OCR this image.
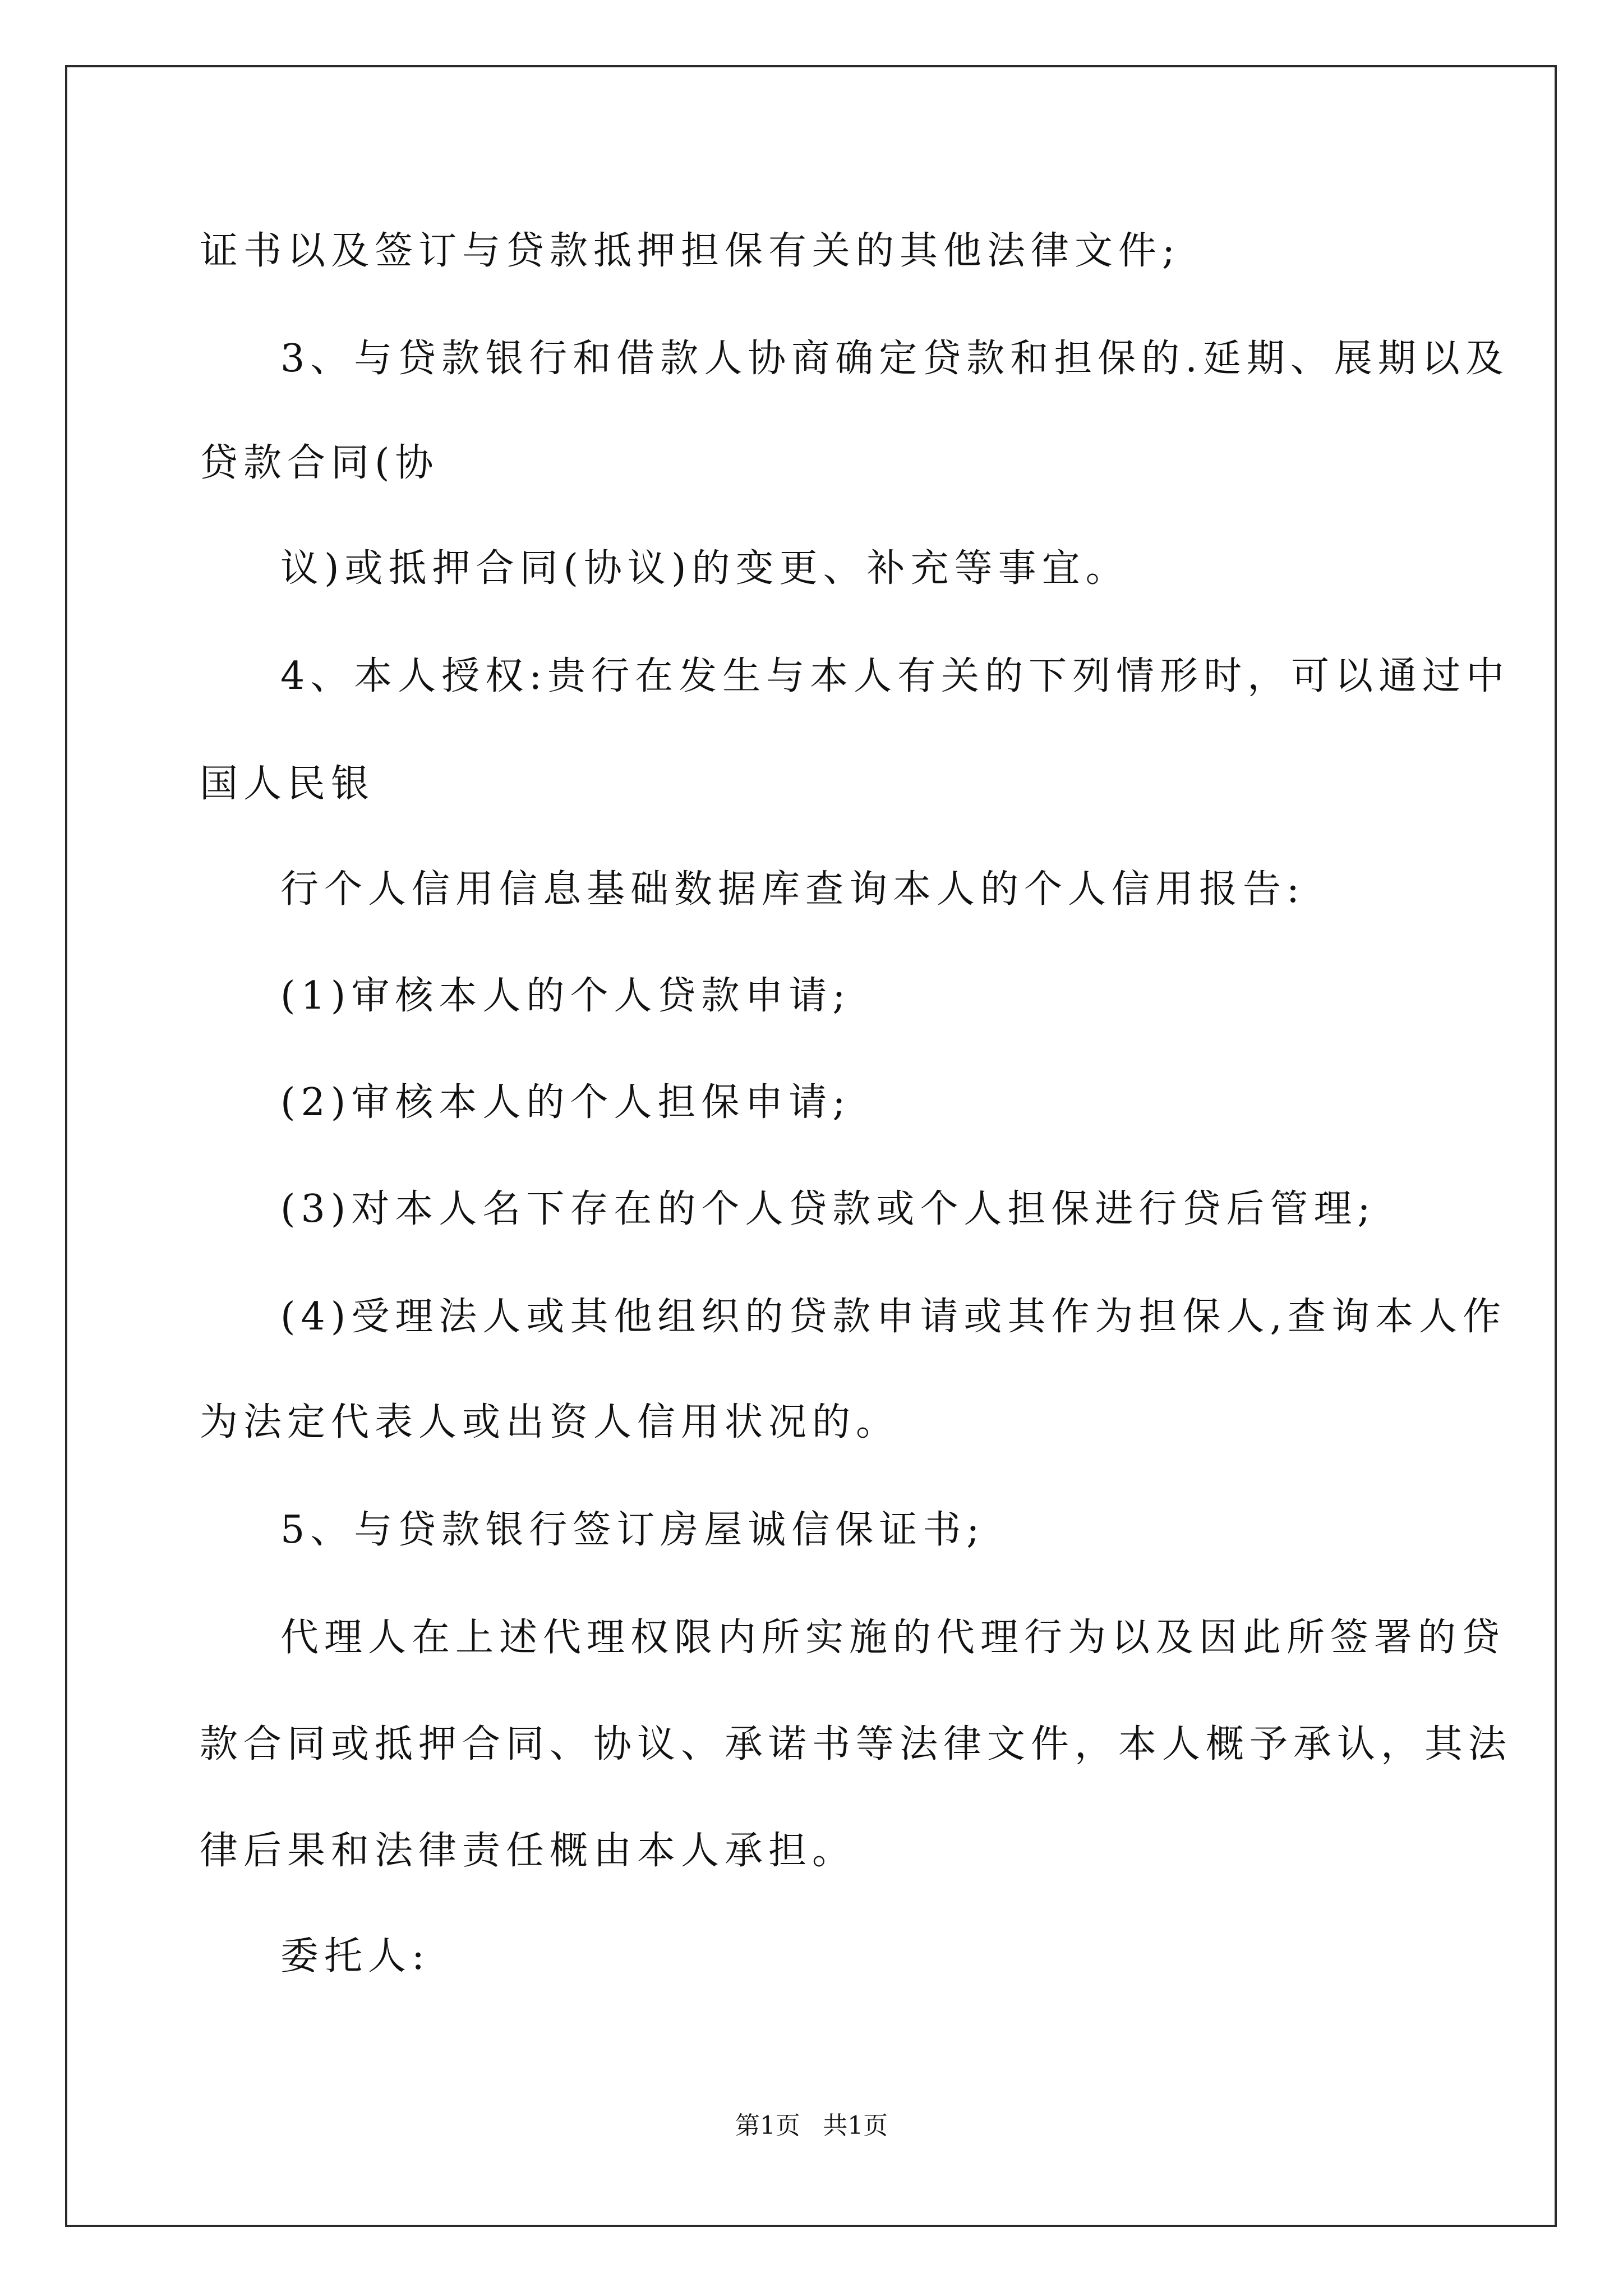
证书以及签订与贷款抵押担保有关的其他法律文件;
3、与贷款银行和借款人协商确定贷款和担保的.延期、展期以及
贷款合同(协
议)或抵押合同(协议)的变更、补充等事宜。
4、本人授权:贵行在发生与本人有关的下列情形时，可以通过中
国人民银
行个人信用信息基础数据库查询本人的个人信用报告:
(1)审核本人的个人贷款申请;
(2)审核本人的个人担保申请;
(3)对本人名下存在的个人贷款或个人担保进行贷后管理;
(4)受理法人或其他组织的贷款申请或其作为担保人,查询本人作
为法定代表人或出资人信用状况的。
5、与贷款银行签订房屋诚信保证书;
代理人在上述代理权限内所实施的代理行为以及因此所签署的贷
款合同或抵押合同、协议、承诺书等法律文件，本人概予承认，其法
律后果和法律责任概由本人承担。
委托人:
第1页 共1页
